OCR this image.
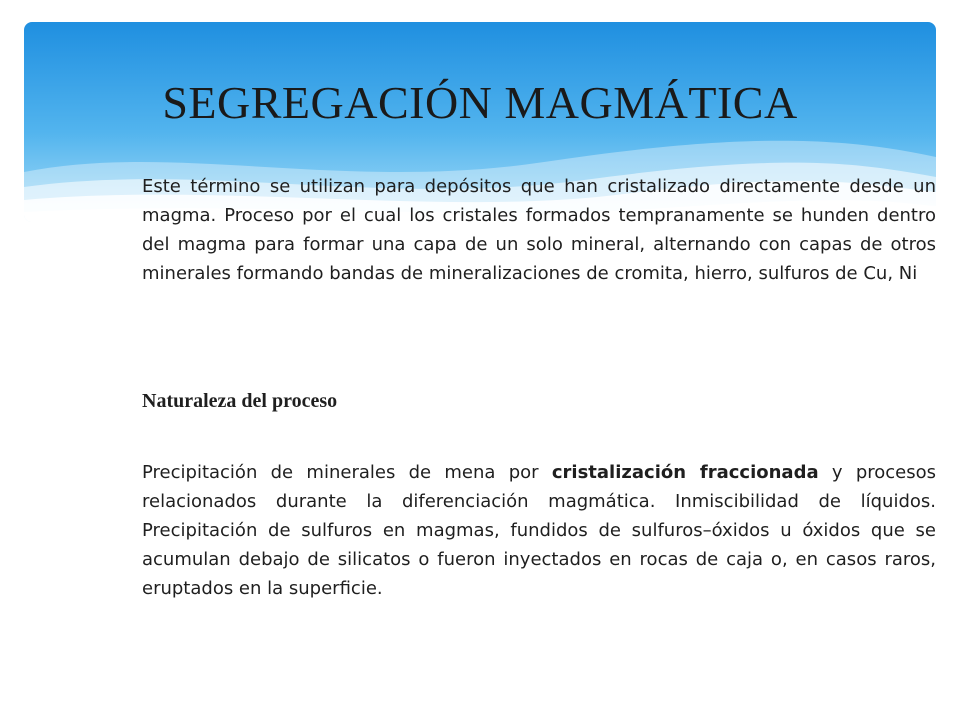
SEGREGACIÓN MAGMÁTICA

Este término se utilizan para depósitos que han cristalizado directamente desde un magma. Proceso por el cual los cristales formados tempranamente se hunden dentro del magma para formar una capa de un solo mineral, alternando con capas de otros minerales formando bandas de mineralizaciones de cromita, hierro, sulfuros de Cu, Ni

Naturaleza del proceso

Precipitación de minerales de mena por cristalización fraccionada y procesos relacionados durante la diferenciación magmática. Inmiscibilidad de líquidos. Precipitación de sulfuros en magmas, fundidos de sulfuros–óxidos u óxidos que se acumulan debajo de silicatos o fueron inyectados en rocas de caja o, en casos raros, eruptados en la superficie.
